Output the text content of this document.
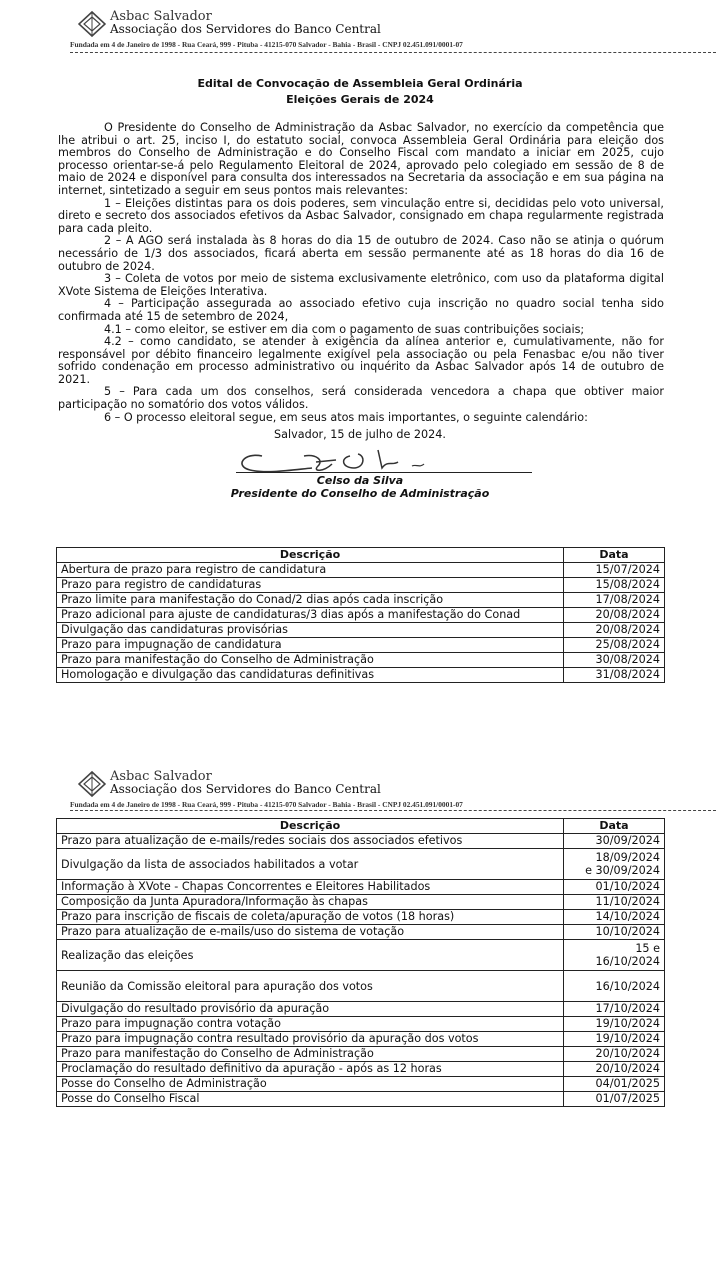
Asbac Salvador
Associação dos Servidores do Banco Central
Fundada em 4 de Janeiro de 1998 - Rua Ceará, 999 - Pituba - 41215-070 Salvador - Bahia - Brasil - CNPJ 02.451.091/0001-07
Edital de Convocação de Assembleia Geral Ordinária
Eleições Gerais de 2024

O Presidente do Conselho de Administração da Asbac Salvador, no exercício da competência que lhe atribui o art. 25, inciso I, do estatuto social, convoca Assembleia Geral Ordinária para eleição dos membros do Conselho de Administração e do Conselho Fiscal com mandato a iniciar em 2025, cujo processo orientar-se-á pelo Regulamento Eleitoral de 2024, aprovado pelo colegiado em sessão de 8 de maio de 2024 e disponível para consulta dos interessados na Secretaria da associação e em sua página na internet, sintetizado a seguir em seus pontos mais relevantes:

1 – Eleições distintas para os dois poderes, sem vinculação entre si, decididas pelo voto universal, direto e secreto dos associados efetivos da Asbac Salvador, consignado em chapa regularmente registrada para cada pleito.

2 – A AGO será instalada às 8 horas do dia 15 de outubro de 2024. Caso não se atinja o quórum necessário de 1/3 dos associados, ficará aberta em sessão permanente até as 18 horas do dia 16 de outubro de 2024.

3 – Coleta de votos por meio de sistema exclusivamente eletrônico, com uso da plataforma digital XVote Sistema de Eleições Interativa.

4 – Participação assegurada ao associado efetivo cuja inscrição no quadro social tenha sido confirmada até 15 de setembro de 2024,

4.1 – como eleitor, se estiver em dia com o pagamento de suas contribuições sociais;

4.2 – como candidato, se atender à exigência da alínea anterior e, cumulativamente, não for responsável por débito financeiro legalmente exigível pela associação ou pela Fenasbac e/ou não tiver sofrido condenação em processo administrativo ou inquérito da Asbac Salvador após 14 de outubro de 2021.

5 – Para cada um dos conselhos, será considerada vencedora a chapa que obtiver maior participação no somatório dos votos válidos.

6 – O processo eleitoral segue, em seus atos mais importantes, o seguinte calendário:

Salvador, 15 de julho de 2024.
Celso da Silva
Presidente do Conselho de Administração
Descrição	Data
Abertura de prazo para registro de candidatura	15/07/2024
Prazo para registro de candidaturas	15/08/2024
Prazo limite para manifestação do Conad/2 dias após cada inscrição	17/08/2024
Prazo adicional para ajuste de candidaturas/3 dias após a manifestação do Conad	20/08/2024
Divulgação das candidaturas provisórias	20/08/2024
Prazo para impugnação de candidatura	25/08/2024
Prazo para manifestação do Conselho de Administração	30/08/2024
Homologação e divulgação das candidaturas definitivas	31/08/2024
Asbac Salvador
Associação dos Servidores do Banco Central
Fundada em 4 de Janeiro de 1998 - Rua Ceará, 999 - Pituba - 41215-070 Salvador - Bahia - Brasil - CNPJ 02.451.091/0001-07
Descrição	Data
Prazo para atualização de e-mails/redes sociais dos associados efetivos	30/09/2024
Divulgação da lista de associados habilitados a votar	18/09/2024
e 30/09/2024

Informação à XVote - Chapas Concorrentes e Eleitores Habilitados	01/10/2024
Composição da Junta Apuradora/Informação às chapas	11/10/2024
Prazo para inscrição de fiscais de coleta/apuração de votos (18 horas)	14/10/2024
Prazo para atualização de e-mails/uso do sistema de votação	10/10/2024
Realização das eleições	15 e 16/10/2024
Reunião da Comissão eleitoral para apuração dos votos	16/10/2024
Divulgação do resultado provisório da apuração	17/10/2024
Prazo para impugnação contra votação	19/10/2024
Prazo para impugnação contra resultado provisório da apuração dos votos	19/10/2024
Prazo para manifestação do Conselho de Administração	20/10/2024
Proclamação do resultado definitivo da apuração - após as 12 horas	20/10/2024
Posse do Conselho de Administração	04/01/2025
Posse do Conselho Fiscal	01/07/2025
